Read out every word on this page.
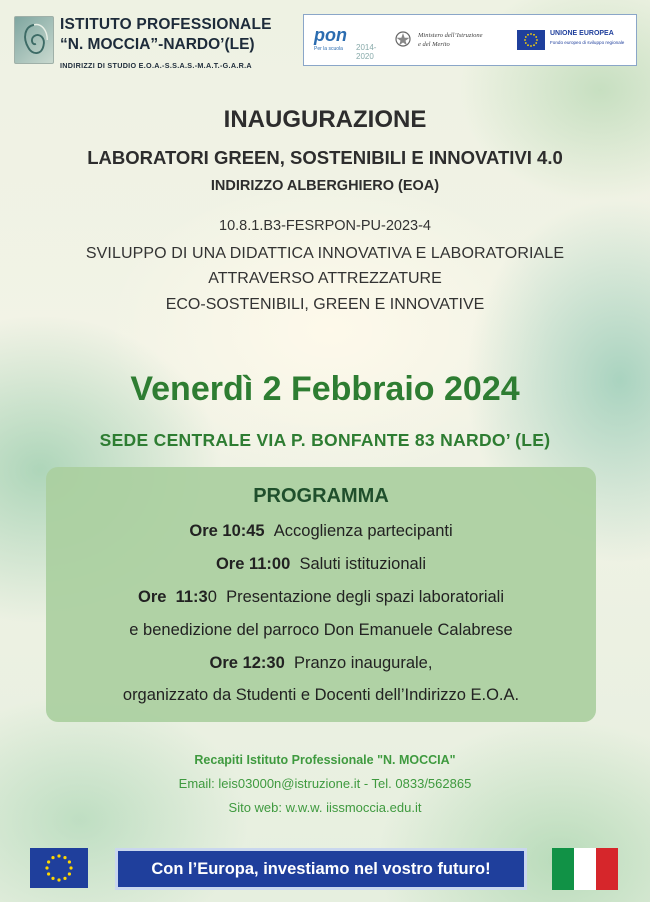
ISTITUTO PROFESSIONALE
“N. MOCCIA”-NARDO’(LE)
INDIRIZZI DI STUDIO E.O.A.-S.S.A.S.-M.A.T.-G.A.R.A
pon
Per la scuola	2014-2020
Ministero dell’Istruzione
e del Merito
UNIONE EUROPEA
Fondo europeo di sviluppo regionale
INAUGURAZIONE
LABORATORI GREEN, SOSTENIBILI E INNOVATIVI 4.0
INDIRIZZO ALBERGHIERO (EOA)
10.8.1.B3-FESRPON-PU-2023-4
SVILUPPO DI UNA DIDATTICA INNOVATIVA E LABORATORIALE
ATTRAVERSO ATTREZZATURE
ECO-SOSTENIBILI, GREEN E INNOVATIVE
Venerdì 2 Febbraio 2024
SEDE CENTRALE VIA P. BONFANTE 83 NARDO’ (LE)
PROGRAMMA
Ore 10:45 Accoglienza partecipanti
Ore 11:00 Saluti istituzionali
Ore  11:30 Presentazione degli spazi laboratoriali
e benedizione del parroco Don Emanuele Calabrese
Ore 12:30 Pranzo inaugurale,
organizzato da Studenti e Docenti dell’Indirizzo E.O.A.
Recapiti Istituto Professionale "N. MOCCIA"
Email: leis03000n@istruzione.it - Tel. 0833/562865
Sito web: w.w.w. iissmoccia.edu.it
Con l’Europa, investiamo nel vostro futuro!
